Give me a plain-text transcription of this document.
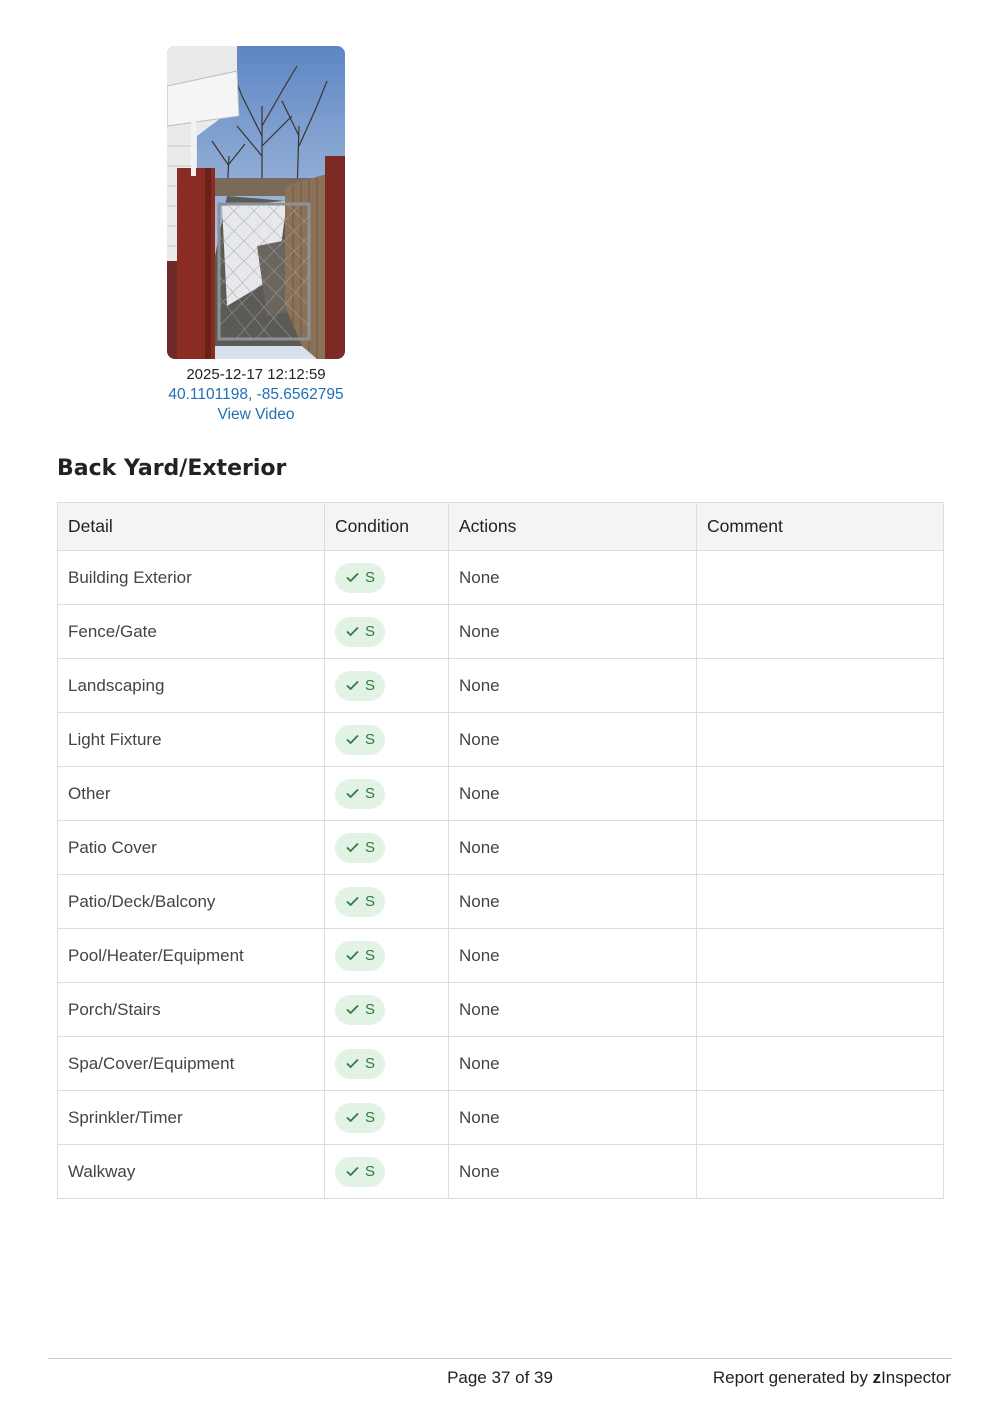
2025-12-17 12:12:59
40.1101198, -85.6562795
View Video
Back Yard/Exterior
Detail	Condition	Actions	Comment
Building Exterior	S	None	
Fence/Gate	S	None	
Landscaping	S	None	
Light Fixture	S	None	
Other	S	None	
Patio Cover	S	None	
Patio/Deck/Balcony	S	None	
Pool/Heater/Equipment	S	None	
Porch/Stairs	S	None	
Spa/Cover/Equipment	S	None	
Sprinkler/Timer	S	None	
Walkway	S	None	
Page 37 of 39	Report generated by zInspector
